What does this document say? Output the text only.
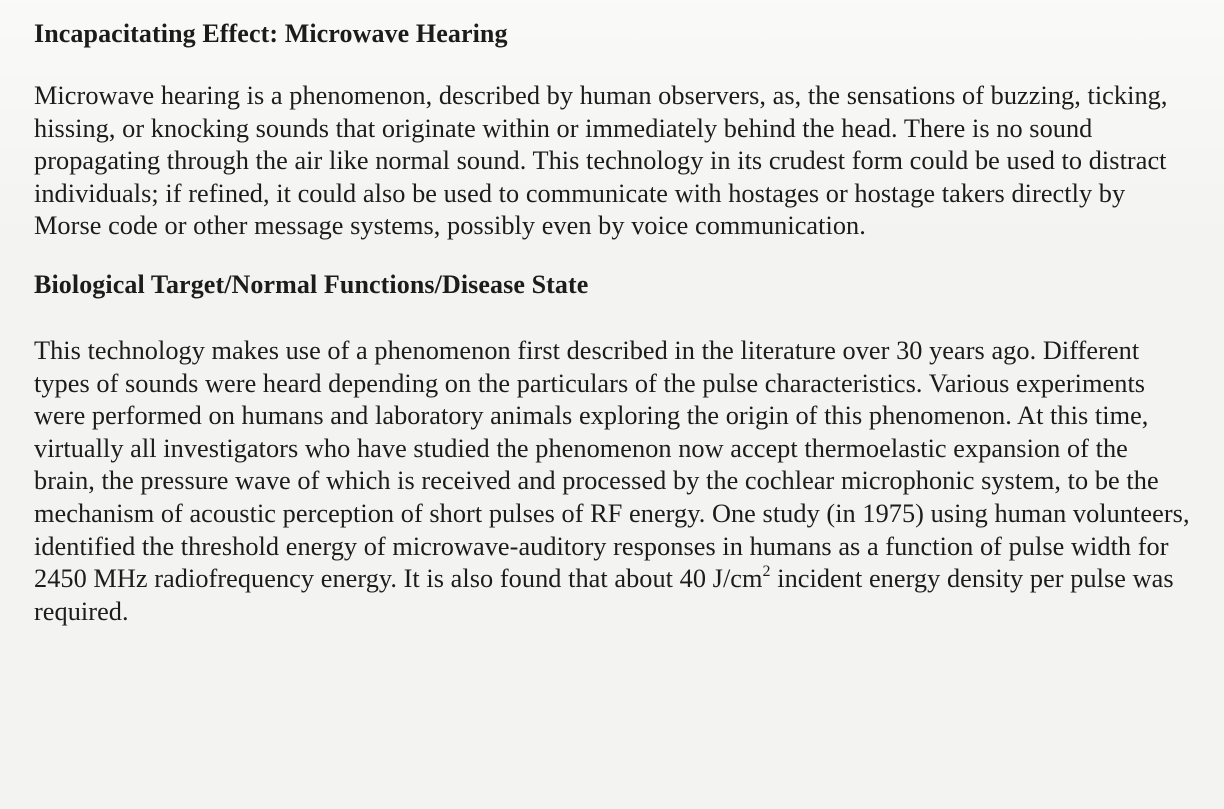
Incapacitating Effect: Microwave Hearing

Microwave hearing is a phenomenon, described by human observers, as, the sensations of buzzing, ticking, hissing, or knocking sounds that originate within or immediately behind the head. There is no sound propagating through the air like normal sound. This technology in its crudest form could be used to distract individuals; if refined, it could also be used to communicate with hostages or hostage takers directly by Morse code or other message systems, possibly even by voice communication.

Biological Target/Normal Functions/Disease State

This technology makes use of a phenomenon first described in the literature over 30 years ago. Different types of sounds were heard depending on the particulars of the pulse characteristics. Various experiments were performed on humans and laboratory animals exploring the origin of this phenomenon. At this time, virtually all investigators who have studied the phenomenon now accept thermoelastic expansion of the brain, the pressure wave of which is received and processed by the cochlear microphonic system, to be the mechanism of acoustic perception of short pulses of RF energy. One study (in 1975) using human volunteers, identified the threshold energy of microwave-auditory responses in humans as a function of pulse width for 2450 MHz radiofrequency energy. It is also found that about 40 $J/cm^2$ incident energy density per pulse was required.
